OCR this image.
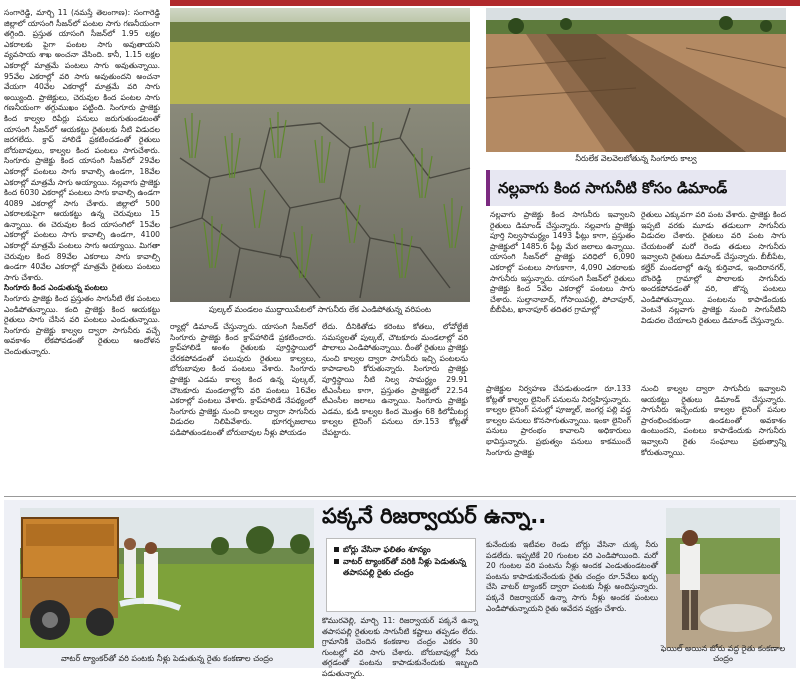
సంగారెడ్డి, మార్చి 11 (నమస్తే తెలంగాణ): సంగారెడ్డి జిల్లాలో యాసంగి సీజన్‌లో పంటల సాగు గణనీయంగా తగ్గింది. ప్రస్తుత యాసంగి సీజన్‌లో 1.95 లక్షల ఎకరాలకు పైగా పంటల సాగు అవుతాయని వ్యవసాయ శాఖ అంచనా వేసింది. కానీ, 1.15 లక్షల ఎకరాల్లో మాత్రమే పంటలు సాగు అవుతున్నాయి. 95వేల ఎకరాల్లో వరి సాగు అవుతుందని అంచనా వేయగా 40వేల ఎకరాల్లో మాత్రమే వరి సాగు అయ్యింది. ప్రాజెక్టులు, చెరువుల కింద పంటల సాగు గణనీయంగా తగ్గుముఖం పట్టింది. సింగూరు ప్రాజెక్టు కింద కాల్వల రిపేర్లు పనులు జరుగుతుండటంతో యాసంగి సీజన్‌లో ఆయకట్టు రైతులకు నీటి విడుదల జరగలేదు. క్రాప్ హాలిడే ప్రకటించడంతో రైతులు బోరుబావులు, కాల్వల కింద పంటలు సాగుచేశారు. సింగూరు ప్రాజెక్టు కింద యాసంగి సీజన్‌లో 29వేల ఎకరాల్లో పంటలు సాగు కావాల్సి ఉండగా, 18వేల ఎకరాల్లో మాత్రమే సాగు అయ్యాయి. నల్లవాగు ప్రాజెక్టు కింద 6030 ఎకరాల్లో పంటలు సాగు కావాల్సి ఉండగా 4089 ఎకరాల్లో సాగు చేశారు. జిల్లాలో 500 ఎకరాలకుపైగా ఆయకట్టు ఉన్న చెరువులు 15 ఉన్నాయి. ఈ చెరువుల కింద యాసంగిలో 15వేల ఎకరాల్లో పంటలు సాగు కావాల్సి ఉండగా, 4100 ఎకరాల్లో మాత్రమే పంటలు సాగు అయ్యాయి. మిగతా చెరువుల కింద 89వేల ఎకరాలు సాగు కావాల్సి ఉండగా 40వేల ఎకరాల్లో మాత్రమే రైతులు పంటలు సాగు చేశారు.

సింగూరు కింద ఎండుతున్న పంటలు

సింగూరు ప్రాజెక్టు కింద ప్రస్తుతం సాగునీటి లేక పంటలు ఎండిపోతున్నాయి. కంది ప్రాజెక్టు కింద ఆయకట్టు రైతులు సాగు చేసిన వరి పంటలు ఎండుతున్నాయి. సింగూరు ప్రాజెక్టు కాల్వల ద్వారా సాగునీరు వచ్చే అవకాశం లేకపోవడంతో రైతులు ఆందోళన చెందుతున్నారు.

పుల్కల్ మండలం ముద్దాయిపేటలో సాగునీరు లేక ఎండిపోతున్న వరిపంట
నీరులేక వెలవెలబోతున్న సింగూరు కాల్వ
నల్లవాగు కింద సాగునీటి కోసం డిమాండ్

నల్లవాగు ప్రాజెక్టు కింద సాగునీరు ఇవ్వాలని రైతులు డిమాండ్ చేస్తున్నారు. నల్లవాగు ప్రాజెక్టు పూర్తి నిల్వసామర్థ్యం 1493 ఫీట్లు కాగా, ప్రస్తుతం ప్రాజెక్టులో 1485.6 ఫీట్ల మేర జలాలు ఉన్నాయి. యాసంగి సీజన్‌లో ప్రాజెక్టు పరిధిలో 6,090 ఎకరాల్లో పంటలు సాగుకాగా, 4,090 ఎకరాలకు సాగునీరు ఇస్తున్నారు. యాసంగి సీజన్‌లో రైతులు ప్రాజెక్టు కింద 5వేల ఎకరాల్లో పంటలు సాగు చేశారు. సుల్తానాబాద్, గోసాయిపల్లి, పోచాపూర్, బీబీపేట, ఖానాపూర్ తదితర గ్రామాల్లో

రైతులు ఎక్కువగా వరి పంట వేశారు. ప్రాజెక్టు కింద ఇప్పటి వరకు మూడు తడులుగా సాగునీరు విడుదల చేశారు. రైతులు వరి పంట సాగు చేయటంతో మరో రెండు తడులు సాగునీరు ఇవ్వాలని రైతులు డిమాండ్ చేస్తున్నారు. బీబీపేట, కల్హేర్ మండలాల్లో ఉన్న కుర్తివాడ, ఇందిరానగర్, బొంరెడ్డి గ్రామాల్లో పొలాలకు సాగునీరు అందకపోవడంతో వరి, జొన్న పంటలు ఎండిపోతున్నాయి. పంటలను కాపాడేందుకు వెంటనే నల్లవాగు ప్రాజెక్టు నుంచి సాగునీటిని విడుదల చేయాలని రైతులు డిమాండ్ చేస్తున్నారు.

ర్యాల్లో డిమాండ్ చేస్తున్నారు. యాసంగి సీజన్‌లో సింగూరు ప్రాజెక్టు కింద క్రాప్‌హాలిడే ప్రకటించారు. క్రాప్‌హాలిడే అంశం రైతులకు పూర్తిస్థాయిలో చేరకపోవడంతో పలువురు రైతులు కాల్వలు, బోరుబావుల కింద పంటలు వేశారు. సింగూరు ప్రాజెక్టు ఎడమ కాల్వ కింద ఉన్న పుల్కల్, చౌటకూరు మండలాల్లోని వరి పంటలు 16వేల ఎకరాల్లో పంటలు వేశారు. క్రాప్‌హాలిడే నేపథ్యంలో సింగూరు ప్రాజెక్టు నుంచి కాల్వల ద్వారా సాగునీరు విడుదల నిలిపివేశారు. భూగర్భజలాలు పడిపోతుండటంతో బోరుబావుల నీళ్లు పోయడం

లేదు. దీనికితోడు కరెంటు కోతలు, లోవోల్టేజీ సమస్యలతో పుల్కల్, చౌటకూరు మండలాల్లో వరి పొలాలు ఎండిపోతున్నాయి. దీంతో రైతులు ప్రాజెక్టు నుంచి కాల్వల ద్వారా సాగునీరు ఇచ్చి పంటలను కాపాడాలని కోరుతున్నారు. సింగూరు ప్రాజెక్టు పూర్తిస్థాయి నీటి నిల్వ సామర్థ్యం 29.91 టీఎంసీలు కాగా, ప్రస్తుతం ప్రాజెక్టులో 22.54 టీఎంసీల జలాలు ఉన్నాయి. సింగూరు ప్రాజెక్టు ఎడమ, కుడి కాల్వల కింద మొత్తం 68 కిలోమీటర్ల కాల్వల లైనింగ్ పనులు రూ.153 కోట్లతో చేపట్టారు.

ప్రాజెక్టుల నిర్వహణ చేపడుతుండగా రూ.133 కోట్లతో కాల్వల లైనింగ్ పనులను నిర్వహిస్తున్నారు. కాల్వల లైనింగ్ పనుల్లో పూజ్ముల్, జంగర్ల పల్లి వద్ద కాల్వల పనులు కొనసాగుతున్నాయి. ఇంకా లైనింగ్ పనులు ప్రారంభం కావాలని అధికారులు భావిస్తున్నారు. ప్రభుత్వం పనులు కాకముందే సింగూరు ప్రాజెక్టు

నుంచి కాల్వల ద్వారా సాగునీరు ఇవ్వాలని ఆయకట్టు రైతులు డిమాండ్ చేస్తున్నారు. సాగునీరు ఇచ్చేందుకు కాల్వల లైనింగ్ పనుల ప్రారంభించకుండా ఉండటంతో అవకాశం ఉంటుందని, పంటలు కాపాడేందుకు సాగునీరు ఇవ్వాలని రైతు సంఘాలు ప్రభుత్వాన్ని కోరుతున్నాయి.

వాటర్ ట్యాంకర్‌తో వరి పంటకు నీళ్లు పెడుతున్న రైతు కంకణాల చంద్రం
పక్కనే రిజర్వాయర్ ఉన్నా..
బోర్లు వేసినా ఫలితం శూన్యం
వాటర్ ట్యాంకర్‌తో వరికి నీళ్లు పెడుతున్న తపాసపల్లి రైతు చంద్రం

కొమురవెల్లి, మార్చి 11: రిజర్వాయర్ పక్కనే ఉన్నా తపాసపల్లి రైతులకు సాగునీటి కష్టాలు తప్పడం లేదు. గ్రామానికి చెందిన కంకణాల చంద్రం ఎకరం 30 గుంటల్లో వరి సాగు చేశారు. బోరుబావుల్లో నీరు తగ్గడంతో పంటను కాపాడుకునేందుకు ఇబ్బంది పడుతున్నారు.

కునేందుకు ఇటీవల రెండు బోర్లు వేసినా చుక్క నీరు పడలేదు. ఇప్పటికే 20 గుంటల వరి ఎండిపోయింది. మరో 20 గుంటల వరి పంటను నీళ్లు అందక ఎండుతుండటంతో పంటను కాపాడుకునేందుకు రైతు చంద్రం రూ.5వేలు ఖర్చు చేసి వాటర్ ట్యాంకర్ ద్వారా పంటకు నీళ్లు అందిస్తున్నారు. పక్కనే రిజర్వాయర్ ఉన్నా సాగు నీళ్లు అందక పంటలు ఎండిపోతున్నాయని రైతు ఆవేదన వ్యక్తం చేశారు.

ఫెయిల్ అయిన బోరు వద్ద రైతు కంకణాల చంద్రం
